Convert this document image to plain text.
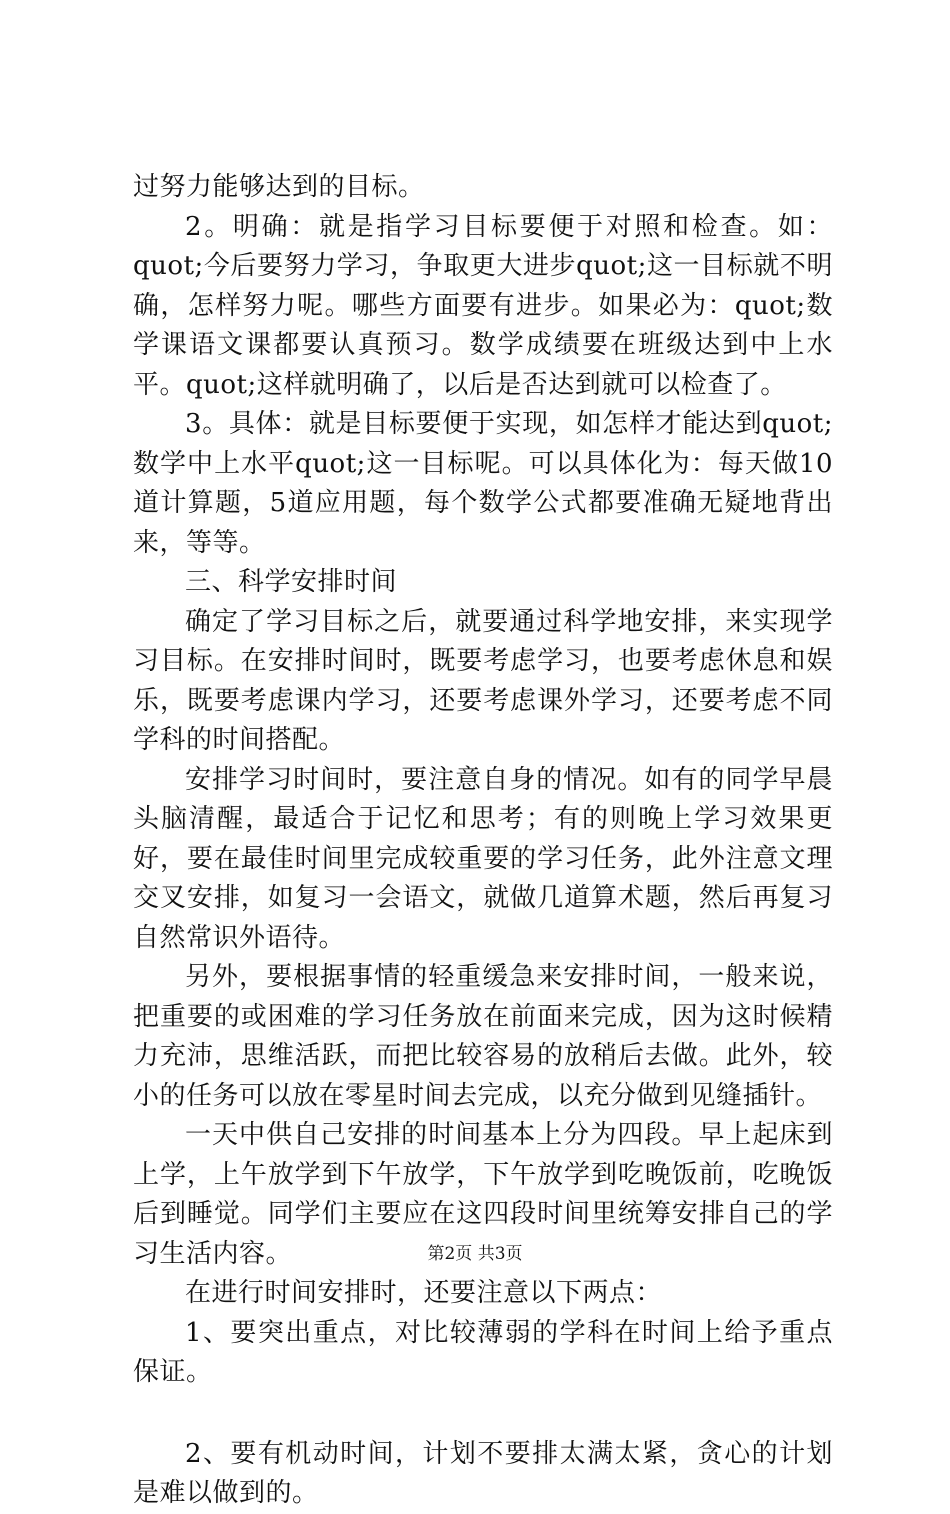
过努力能够达到的目标。

2。明确：就是指学习目标要便于对照和检查。如：quot;今后要努力学习，争取更大进步quot;这一目标就不明确，怎样努力呢。哪些方面要有进步。如果必为：quot;数学课语文课都要认真预习。数学成绩要在班级达到中上水平。quot;这样就明确了，以后是否达到就可以检查了。

3。具体：就是目标要便于实现，如怎样才能达到quot;数学中上水平quot;这一目标呢。可以具体化为：每天做10道计算题，5道应用题，每个数学公式都要准确无疑地背出来，等等。

三、科学安排时间

确定了学习目标之后，就要通过科学地安排，来实现学习目标。在安排时间时，既要考虑学习，也要考虑休息和娱乐，既要考虑课内学习，还要考虑课外学习，还要考虑不同学科的时间搭配。

安排学习时间时，要注意自身的情况。如有的同学早晨头脑清醒，最适合于记忆和思考；有的则晚上学习效果更好，要在最佳时间里完成较重要的学习任务，此外注意文理交叉安排，如复习一会语文，就做几道算术题，然后再复习自然常识外语待。

另外，要根据事情的轻重缓急来安排时间，一般来说，把重要的或困难的学习任务放在前面来完成，因为这时候精力充沛，思维活跃，而把比较容易的放稍后去做。此外，较小的任务可以放在零星时间去完成，以充分做到见缝插针。

一天中供自己安排的时间基本上分为四段。早上起床到上学，上午放学到下午放学，下午放学到吃晚饭前，吃晚饭后到睡觉。同学们主要应在这四段时间里统筹安排自己的学习生活内容。

在进行时间安排时，还要注意以下两点：

1、要突出重点，对比较薄弱的学科在时间上给予重点保证。

2、要有机动时间，计划不要排太满太紧，贪心的计划是难以做到的。

第2页 共3页
